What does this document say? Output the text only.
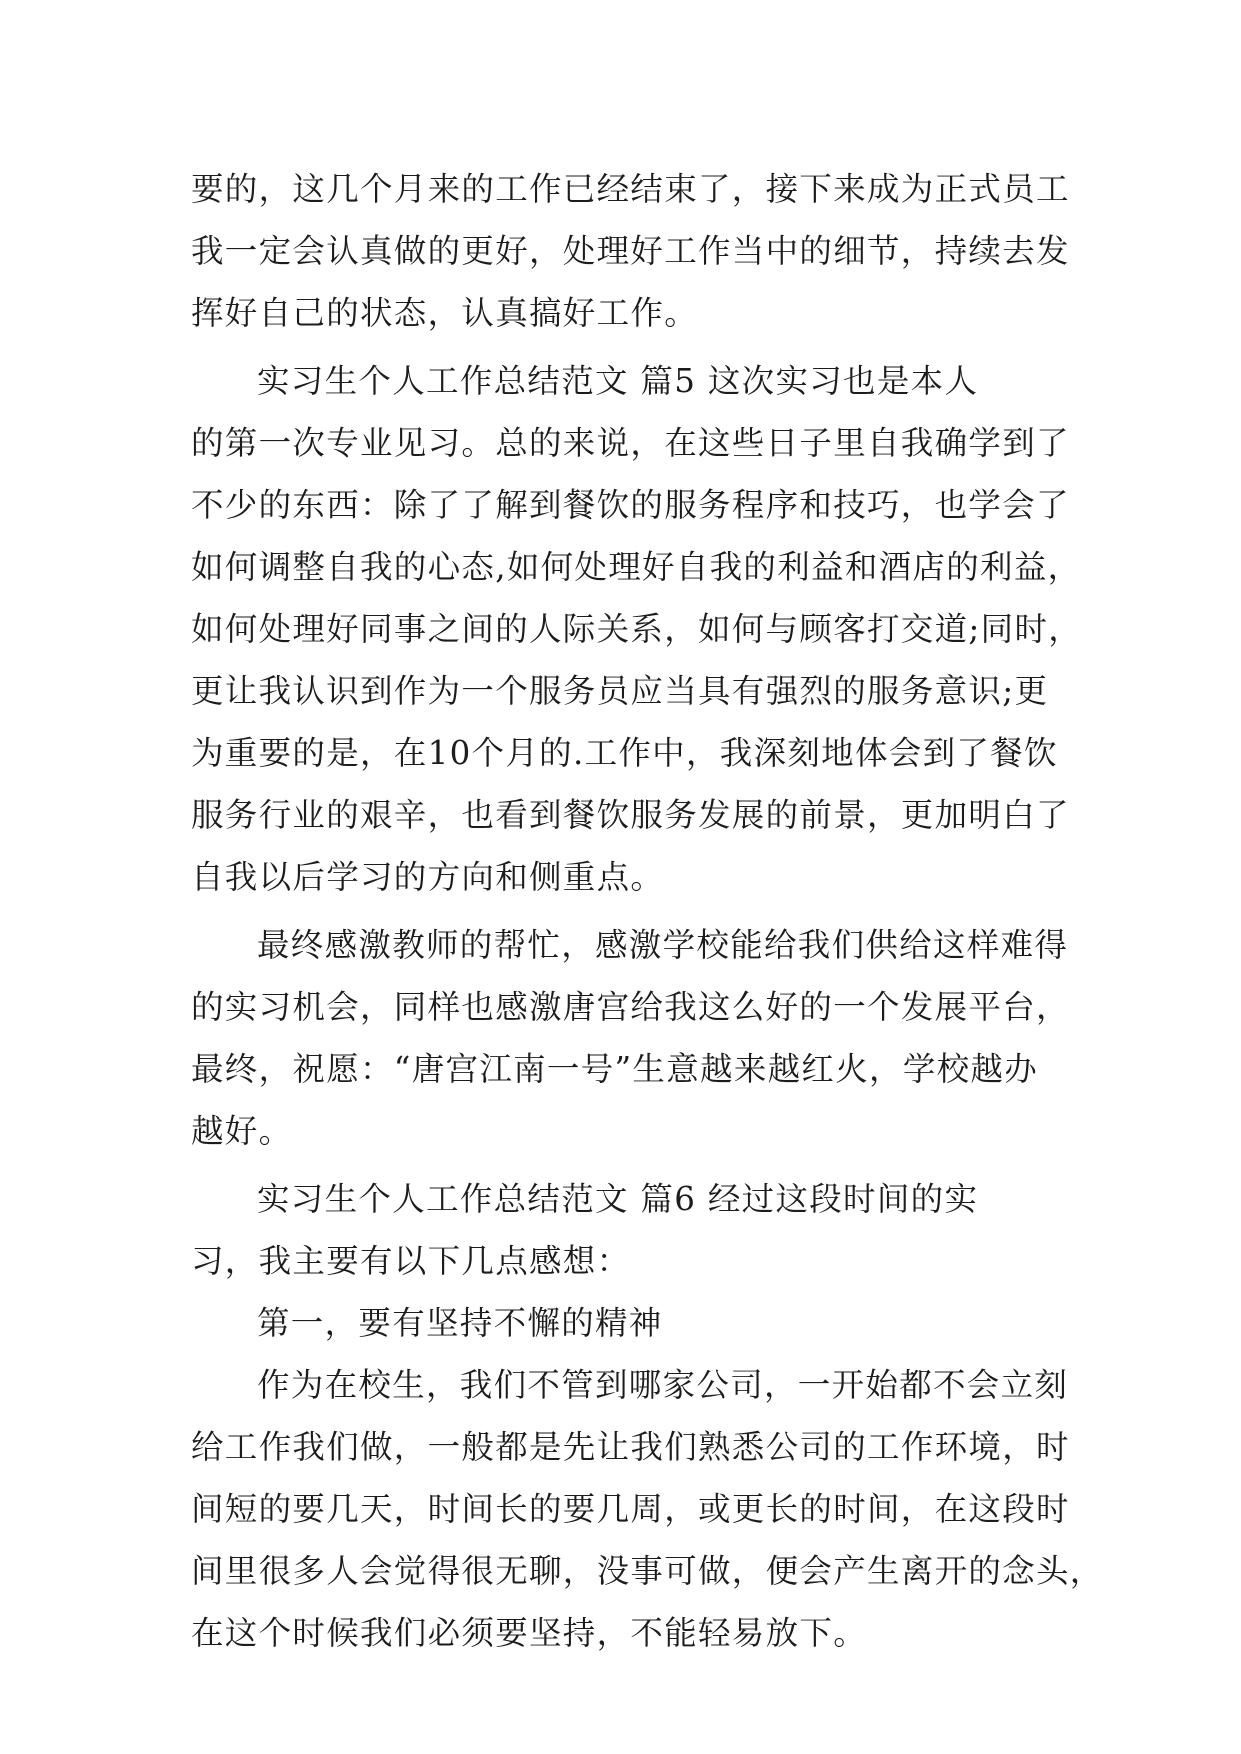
要的，这几个月来的工作已经结束了，接下来成为正式员工
我一定会认真做的更好，处理好工作当中的细节，持续去发
挥好自己的状态，认真搞好工作。
实习生个人工作总结范文 篇5 这次实习也是本人
的第一次专业见习。总的来说，在这些日子里自我确学到了
不少的东西：除了了解到餐饮的服务程序和技巧，也学会了
如何调整自我的心态,如何处理好自我的利益和酒店的利益，
如何处理好同事之间的人际关系，如何与顾客打交道;同时，
更让我认识到作为一个服务员应当具有强烈的服务意识;更
为重要的是，在10个月的.工作中，我深刻地体会到了餐饮
服务行业的艰辛，也看到餐饮服务发展的前景，更加明白了
自我以后学习的方向和侧重点。
最终感激教师的帮忙，感激学校能给我们供给这样难得
的实习机会，同样也感激唐宫给我这么好的一个发展平台，
最终，祝愿：“唐宫江南一号”生意越来越红火，学校越办
越好。
实习生个人工作总结范文 篇6 经过这段时间的实
习，我主要有以下几点感想：
第一，要有坚持不懈的精神
作为在校生，我们不管到哪家公司，一开始都不会立刻
给工作我们做，一般都是先让我们熟悉公司的工作环境，时
间短的要几天，时间长的要几周，或更长的时间，在这段时
间里很多人会觉得很无聊，没事可做，便会产生离开的念头，
在这个时候我们必须要坚持，不能轻易放下。
